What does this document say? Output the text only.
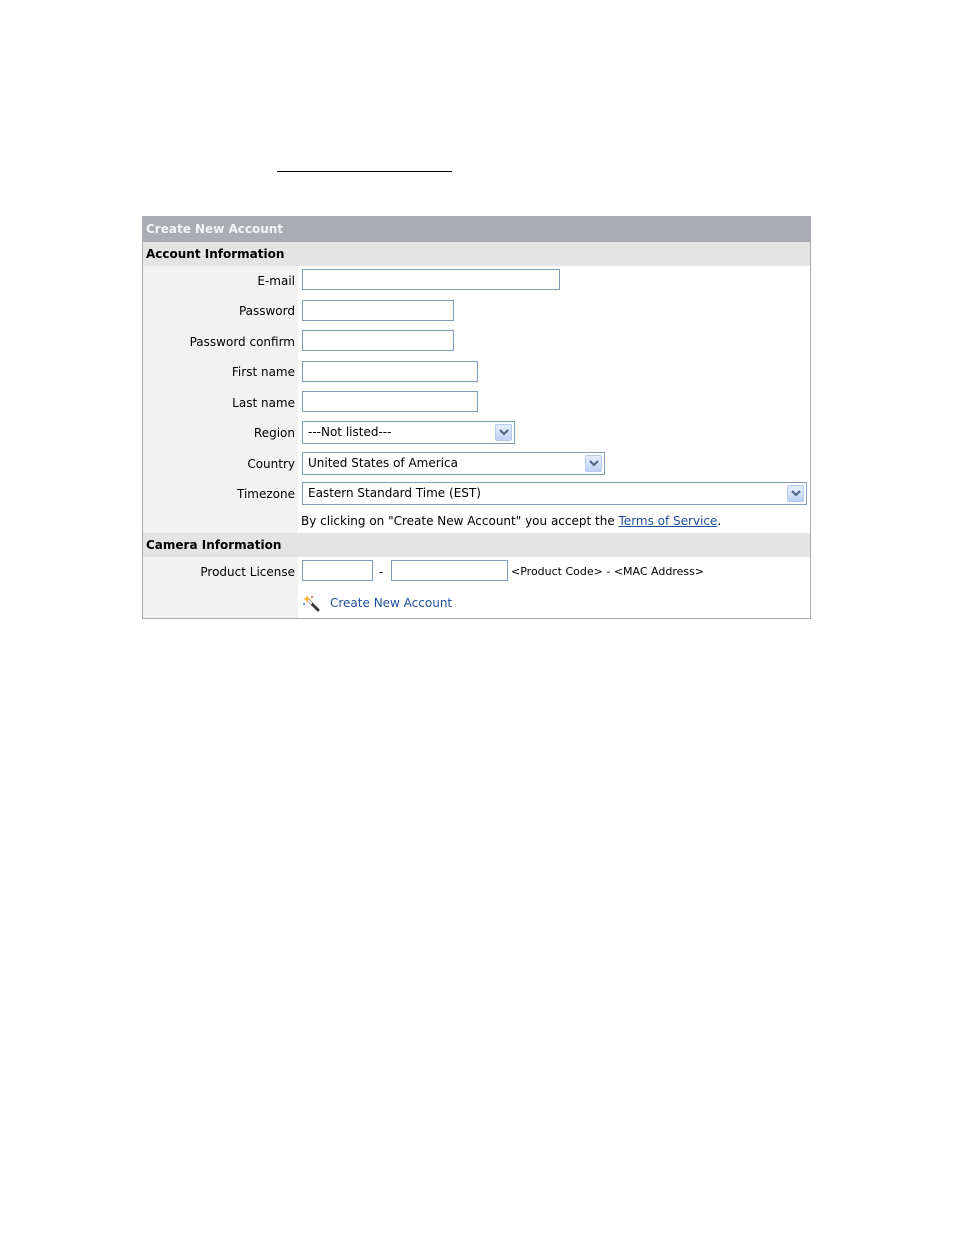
Create New Account
Account Information
E-mail
Password
Password confirm
First name
Last name
Region ---Not listed---
Country United States of America
Timezone Eastern Standard Time (EST)
By clicking on "Create New Account" you accept the Terms of Service.
Camera Information
Product License	-	<Product Code> - <MAC Address>
Create New Account
